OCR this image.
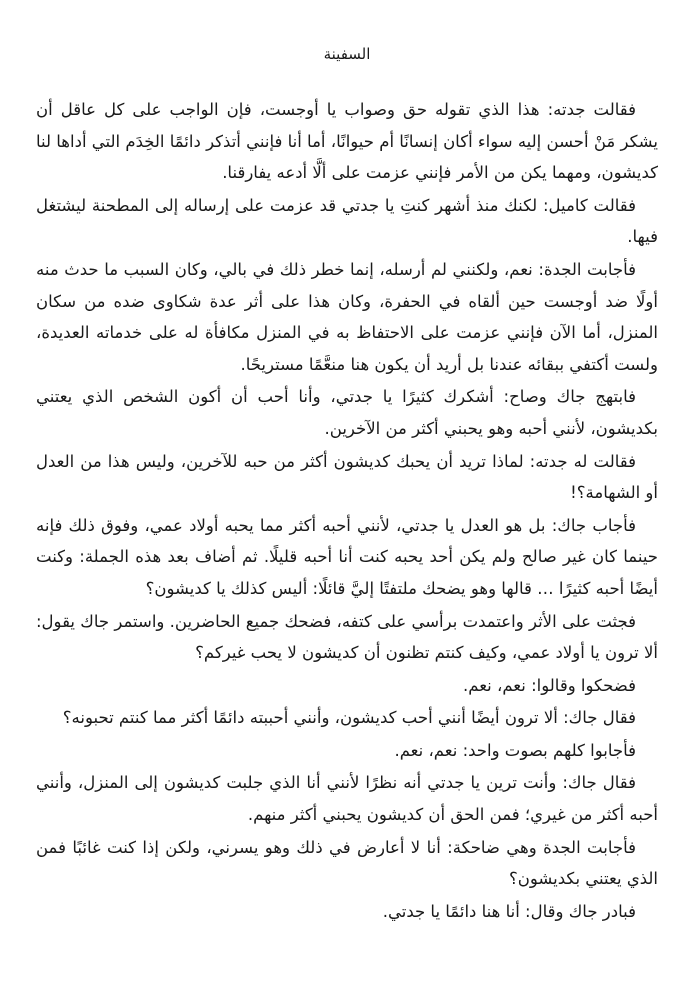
السفينة

فقالت جدته: هذا الذي تقوله حق وصواب يا أوجست، فإن الواجب على كل عاقل أن يشكر مَنْ أحسن إليه سواء أكان إنسانًا أم حيوانًا، أما أنا فإنني أتذكر دائمًا الخِدَم التي أداها لنا كديشون، ومهما يكن من الأمر فإنني عزمت على ألَّا أدعه يفارقنا.

فقالت كاميل: لكنك منذ أشهر كنتِ يا جدتي قد عزمت على إرساله إلى المطحنة ليشتغل فيها.

فأجابت الجدة: نعم، ولكنني لم أرسله، إنما خطر ذلك في بالي، وكان السبب ما حدث منه أولًا ضد أوجست حين ألقاه في الحفرة، وكان هذا على أثر عدة شكاوى ضده من سكان المنزل، أما الآن فإنني عزمت على الاحتفاظ به في المنزل مكافأة له على خدماته العديدة، ولست أكتفي ببقائه عندنا بل أريد أن يكون هنا منعَّمًا مستريحًا.

فابتهج جاك وصاح: أشكرك كثيرًا يا جدتي، وأنا أحب أن أكون الشخص الذي يعتني بكديشون، لأنني أحبه وهو يحبني أكثر من الآخرين.

فقالت له جدته: لماذا تريد أن يحبك كديشون أكثر من حبه للآخرين، وليس هذا من العدل أو الشهامة؟!

فأجاب جاك: بل هو العدل يا جدتي، لأنني أحبه أكثر مما يحبه أولاد عمي، وفوق ذلك فإنه حينما كان غير صالح ولم يكن أحد يحبه كنت أنا أحبه قليلًا. ثم أضاف بعد هذه الجملة: وكنت أيضًا أحبه كثيرًا … قالها وهو يضحك ملتفتًا إليَّ قائلًا: أليس كذلك يا كديشون؟

فجثت على الأثر واعتمدت برأسي على كتفه، فضحك جميع الحاضرين. واستمر جاك يقول: ألا ترون يا أولاد عمي، وكيف كنتم تظنون أن كديشون لا يحب غيركم؟

فضحكوا وقالوا: نعم، نعم.

فقال جاك: ألا ترون أيضًا أنني أحب كديشون، وأنني أحببته دائمًا أكثر مما كنتم تحبونه؟

فأجابوا كلهم بصوت واحد: نعم، نعم.

فقال جاك: وأنت ترين يا جدتي أنه نظرًا لأنني أنا الذي جلبت كديشون إلى المنزل، وأنني أحبه أكثر من غيري؛ فمن الحق أن كديشون يحبني أكثر منهم.

فأجابت الجدة وهي ضاحكة: أنا لا أعارض في ذلك وهو يسرني، ولكن إذا كنت غائبًا فمن الذي يعتني بكديشون؟

فبادر جاك وقال: أنا هنا دائمًا يا جدتي.
